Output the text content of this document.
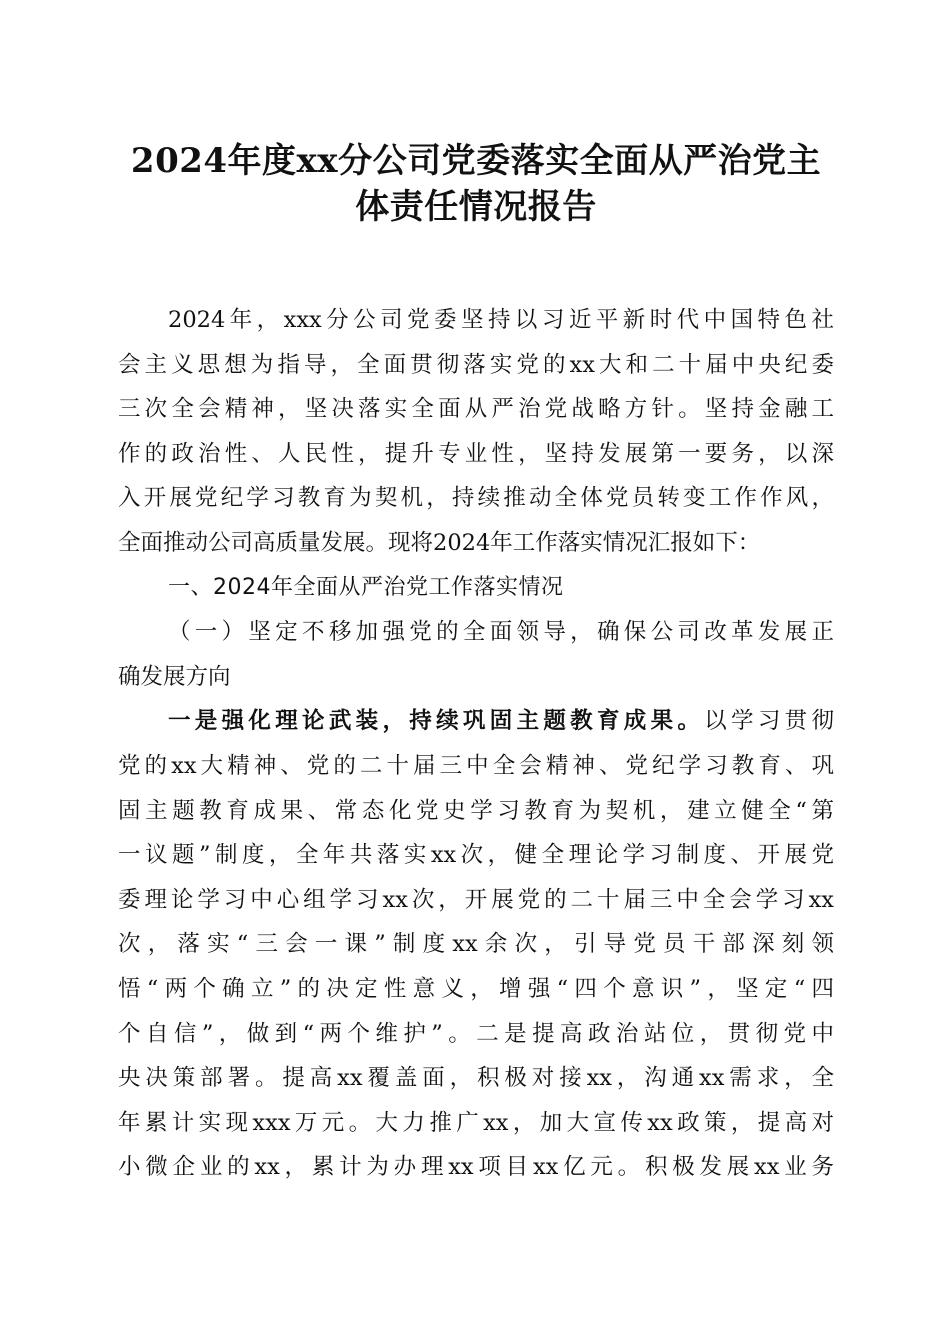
2024年度xx分公司党委落实全面从严治党主
体责任情况报告
2024年，xxx分公司党委坚持以习近平新时代中国特色社
会主义思想为指导，全面贯彻落实党的xx大和二十届中央纪委
三次全会精神，坚决落实全面从严治党战略方针。坚持金融工
作的政治性、人民性，提升专业性，坚持发展第一要务，以深
入开展党纪学习教育为契机，持续推动全体党员转变工作作风，
全面推动公司高质量发展。现将2024年工作落实情况汇报如下：
一、2024年全面从严治党工作落实情况
（一）坚定不移加强党的全面领导，确保公司改革发展正
确发展方向
一是强化理论武装，持续巩固主题教育成果。以学习贯彻
党的xx大精神、党的二十届三中全会精神、党纪学习教育、巩
固主题教育成果、常态化党史学习教育为契机，建立健全“第
一议题”制度，全年共落实xx次，健全理论学习制度、开展党
委理论学习中心组学习xx次，开展党的二十届三中全会学习xx
次，落实“三会一课”制度xx余次，引导党员干部深刻领
悟“两个确立”的决定性意义，增强“四个意识”，坚定“四
个自信”，做到“两个维护”。二是提高政治站位，贯彻党中
央决策部署。提高xx覆盖面，积极对接xx，沟通xx需求，全
年累计实现xxx万元。大力推广xx，加大宣传xx政策，提高对
小微企业的xx，累计为办理xx项目xx亿元。积极发展xx业务
